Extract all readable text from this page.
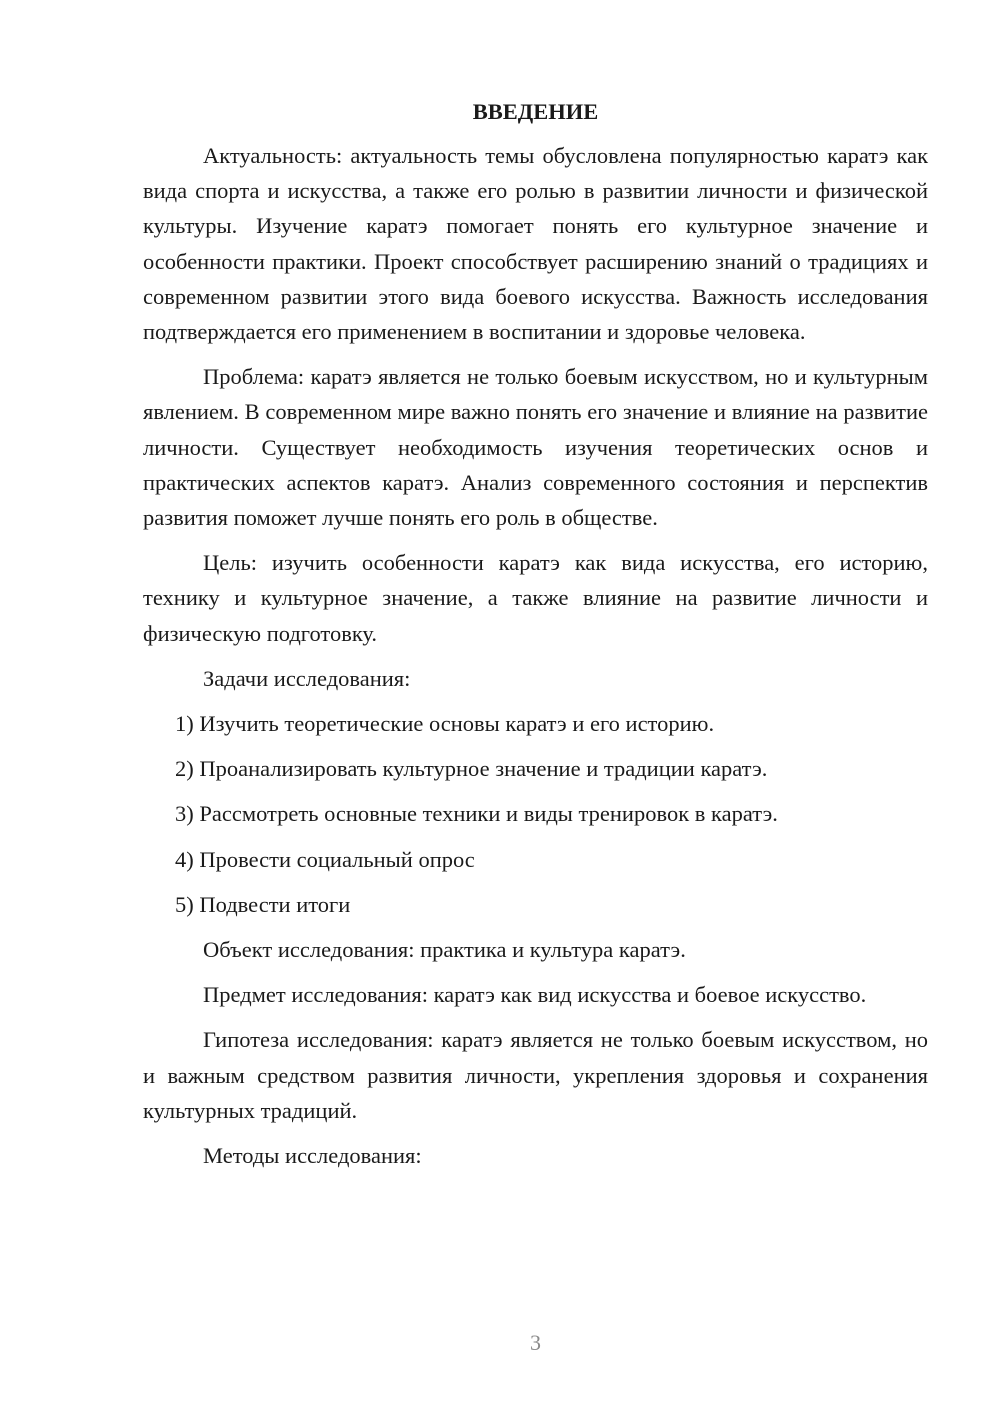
ВВЕДЕНИЕ

Актуальность: актуальность темы обусловлена популярностью каратэ как вида спорта и искусства, а также его ролью в развитии личности и физической культуры. Изучение каратэ помогает понять его культурное значение и особенности практики. Проект способствует расширению знаний о традициях и современном развитии этого вида боевого искусства. Важность исследования подтверждается его применением в воспитании и здоровье человека.

Проблема: каратэ является не только боевым искусством, но и культурным явлением. В современном мире важно понять его значение и влияние на развитие личности. Существует необходимость изучения теоретических основ и практических аспектов каратэ. Анализ современного состояния и перспектив развития поможет лучше понять его роль в обществе.

Цель: изучить особенности каратэ как вида искусства, его историю, технику и культурное значение, а также влияние на развитие личности и физическую подготовку.

Задачи исследования:

1) Изучить теоретические основы каратэ и его историю.
2) Проанализировать культурное значение и традиции каратэ.
3) Рассмотреть основные техники и виды тренировок в каратэ.
4) Провести социальный опрос
5) Подвести итоги

Объект исследования: практика и культура каратэ.

Предмет исследования: каратэ как вид искусства и боевое искусство.

Гипотеза исследования: каратэ является не только боевым искусством, но и важным средством развития личности, укрепления здоровья и сохранения культурных традиций.

Методы исследования:

3
